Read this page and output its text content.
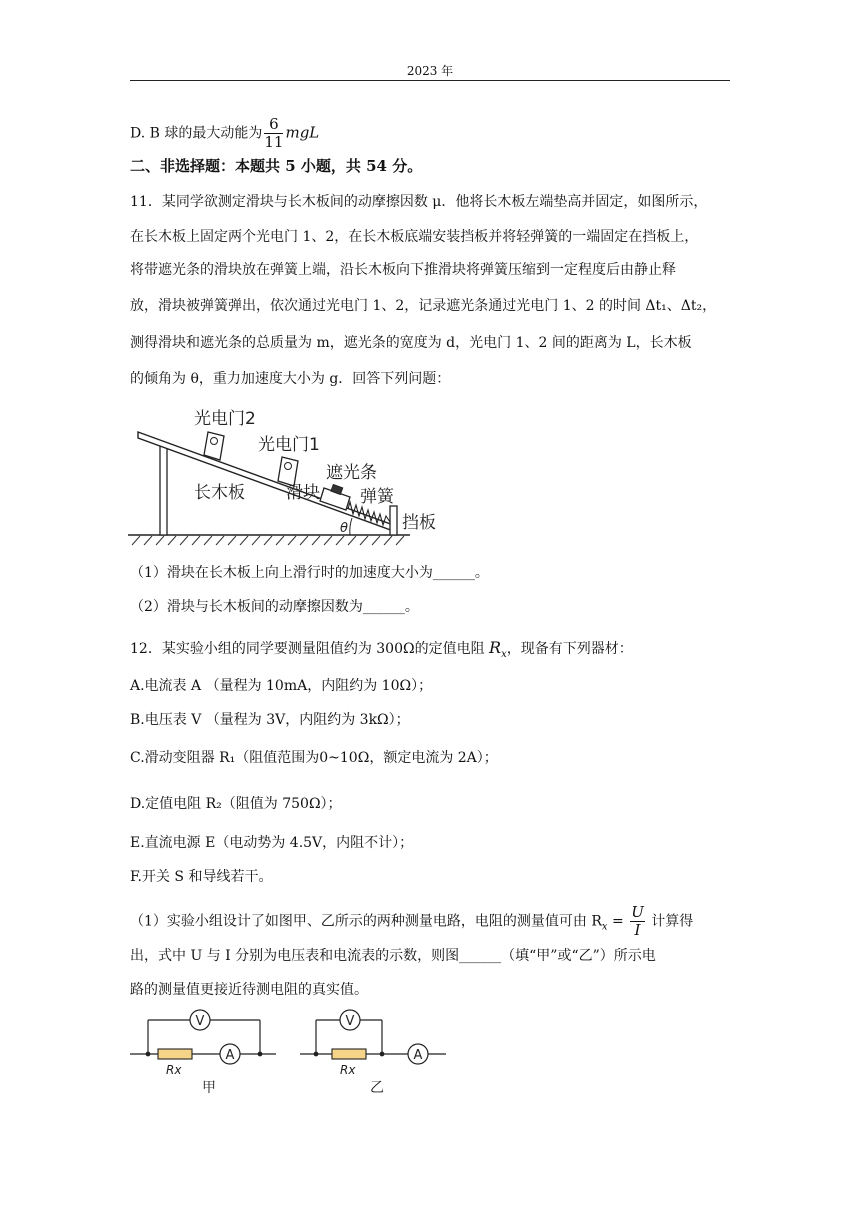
2023 年
D. B 球的最大动能为 $\frac{6}{11}$ mgL
二、非选择题：本题共 5 小题，共 54 分。
11．某同学欲测定滑块与长木板间的动摩擦因数 μ．他将长木板左端垫高并固定，如图所示，
在长木板上固定两个光电门 1、2，在长木板底端安装挡板并将轻弹簧的一端固定在挡板上，
将带遮光条的滑块放在弹簧上端，沿长木板向下推滑块将弹簧压缩到一定程度后由静止释
放，滑块被弹簧弹出，依次通过光电门 1、2，记录遮光条通过光电门 1、2 的时间 Δt₁、Δt₂，
测得滑块和遮光条的总质量为 m，遮光条的宽度为 d，光电门 1、2 间的距离为 L，长木板
的倾角为 θ，重力加速度大小为 g．回答下列问题：
光电门2
光电门1
遮光条
长木板 滑块 弹簧
挡板
θ
（1）滑块在长木板上向上滑行时的加速度大小为______。
（2）滑块与长木板间的动摩擦因数为______。
12．某实验小组的同学要测量阻值约为 300Ω的定值电阻 $R_x$，现备有下列器材：
A.电流表 A （量程为 10mA，内阻约为 10Ω）；
B.电压表 V （量程为 3V，内阻约为 3kΩ）；
C.滑动变阻器 R₁（阻值范围为0~10Ω，额定电流为 2A）；
D.定值电阻 R₂（阻值为 750Ω）；
E.直流电源 E（电动势为 4.5V，内阻不计）；
F.开关 S 和导线若干。
（1）实验小组设计了如图甲、乙所示的两种测量电路，电阻的测量值可由 $R_x = \frac{U}{I}$ 计算得
出，式中 U 与 I 分别为电压表和电流表的示数，则图______（填“甲”或“乙”）所示电
路的测量值更接近待测电阻的真实值。
V
A
Rx
甲
V
A
Rx
乙
